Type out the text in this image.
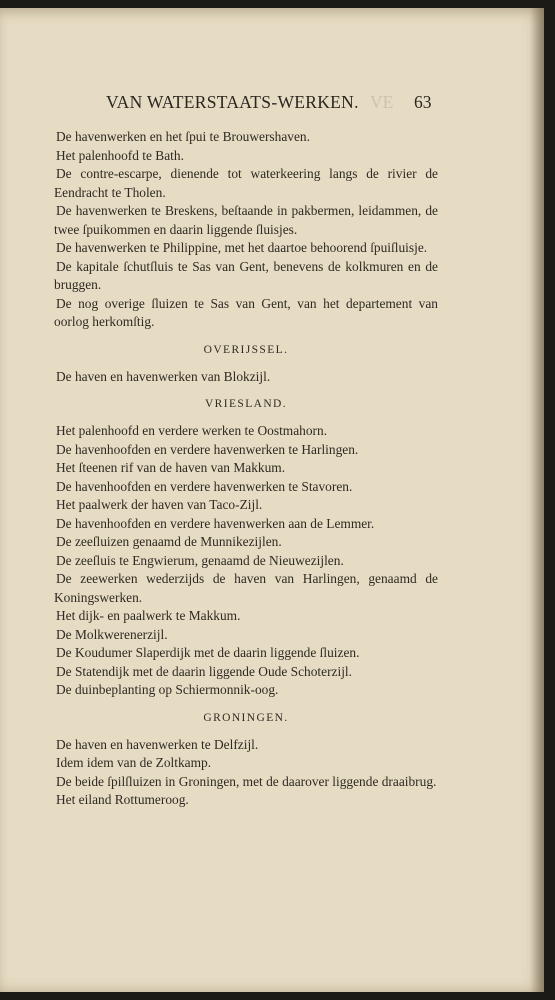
VAN WATERSTAATS-WERKEN. VE 63

De havenwerken en het ſpui te Brouwershaven.

Het palenhoofd te Bath.

De contre-escarpe, dienende tot waterkeering langs de rivier de Eendracht te Tholen.

De havenwerken te Breskens, beſtaande in pakbermen, leidammen, de twee ſpuikommen en daarin liggende ſluisjes.

De havenwerken te Philippine, met het daartoe behoorend ſpuiſluisje.

De kapitale ſchutſluis te Sas van Gent, benevens de kolkmuren en de bruggen.

De nog overige ſluizen te Sas van Gent, van het departement van oorlog herkomſtig.

OVERIJSSEL.

De haven en havenwerken van Blokzijl.

VRIESLAND.

Het palenhoofd en verdere werken te Oostmahorn.

De havenhoofden en verdere havenwerken te Harlingen.

Het ſteenen rif van de haven van Makkum.

De havenhoofden en verdere havenwerken te Stavoren.

Het paalwerk der haven van Taco-Zijl.

De havenhoofden en verdere havenwerken aan de Lemmer.

De zeeſluizen genaamd de Munnikezijlen.

De zeeſluis te Engwierum, genaamd de Nieuwezijlen.

De zeewerken wederzijds de haven van Harlingen, genaamd de Koningswerken.

Het dijk- en paalwerk te Makkum.

De Molkwerenerzijl.

De Koudumer Slaperdijk met de daarin liggende ſluizen.

De Statendijk met de daarin liggende Oude Schoterzijl.

De duinbeplanting op Schiermonnik-oog.

GRONINGEN.

De haven en havenwerken te Delfzijl.

Idem idem van de Zoltkamp.

De beide ſpilſluizen in Groningen, met de daarover liggende draaibrug.

Het eiland Rottumeroog.
